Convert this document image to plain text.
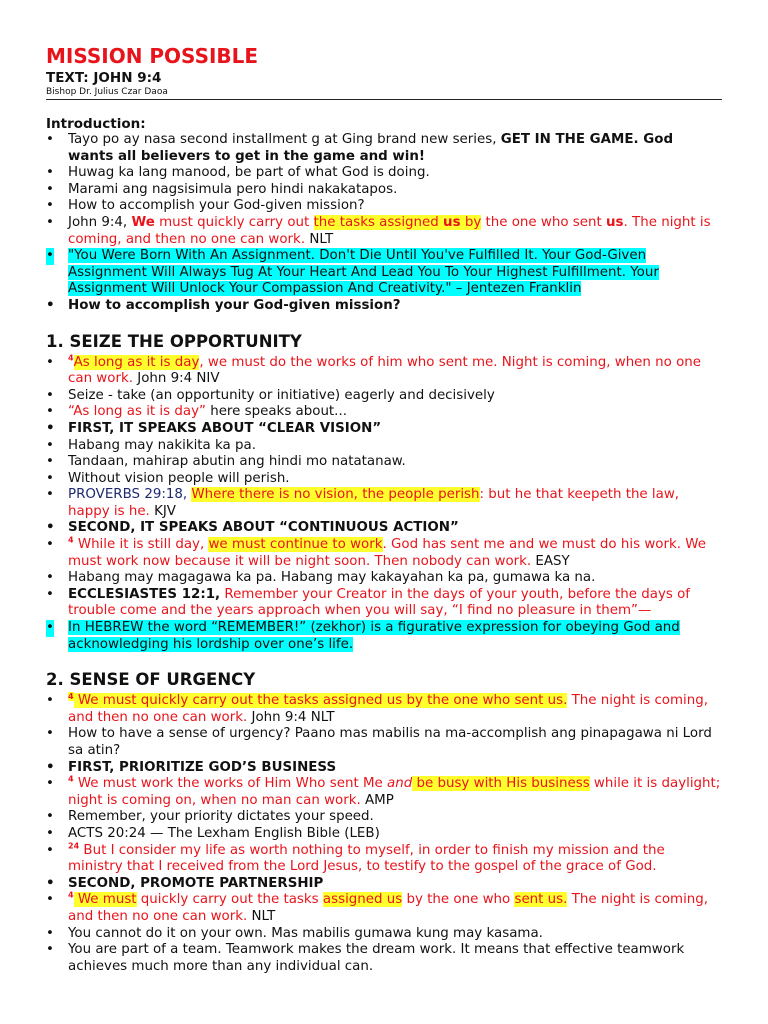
MISSION POSSIBLE
TEXT: JOHN 9:4
Bishop Dr. Julius Czar Daoa
Introduction:
• Tayo po ay nasa second installment g at Ging brand new series, GET IN THE GAME. God wants all believers to get in the game and win!
• Huwag ka lang manood, be part of what God is doing.
• Marami ang nagsisimula pero hindi nakakatapos.
• How to accomplish your God-given mission?
• John 9:4, We must quickly carry out the tasks assigned us by the one who sent us. The night is coming, and then no one can work. NLT
• "You Were Born With An Assignment. Don't Die Until You've Fulfilled It. Your God-Given Assignment Will Always Tug At Your Heart And Lead You To Your Highest Fulfillment. Your Assignment Will Unlock Your Compassion And Creativity." – Jentezen Franklin
• How to accomplish your God-given mission?
1. SEIZE THE OPPORTUNITY
• $^4$As long as it is day, we must do the works of him who sent me. Night is coming, when no one can work. John 9:4 NIV
• Seize - take (an opportunity or initiative) eagerly and decisively
• “As long as it is day” here speaks about...
• FIRST, IT SPEAKS ABOUT “CLEAR VISION”
• Habang may nakikita ka pa.
• Tandaan, mahirap abutin ang hindi mo natatanaw.
• Without vision people will perish.
• PROVERBS 29:18, Where there is no vision, the people perish: but he that keepeth the law, happy is he. KJV
• SECOND, IT SPEAKS ABOUT “CONTINUOUS ACTION”
• $^4$ While it is still day, we must continue to work. God has sent me and we must do his work. We must work now because it will be night soon. Then nobody can work. EASY
• Habang may magagawa ka pa. Habang may kakayahan ka pa, gumawa ka na.
• ECCLESIASTES 12:1, Remember your Creator in the days of your youth, before the days of trouble come and the years approach when you will say, “I find no pleasure in them”—
• In HEBREW the word “REMEMBER!” (zekhor) is a figurative expression for obeying God and acknowledging his lordship over one’s life.
2. SENSE OF URGENCY
• $^4$ We must quickly carry out the tasks assigned us by the one who sent us. The night is coming, and then no one can work. John 9:4 NLT
• How to have a sense of urgency? Paano mas mabilis na ma-accomplish ang pinapagawa ni Lord sa atin?
• FIRST, PRIORITIZE GOD’S BUSINESS
• $^4$ We must work the works of Him Who sent Me and be busy with His business while it is daylight; night is coming on, when no man can work. AMP
• Remember, your priority dictates your speed.
• ACTS 20:24 — The Lexham English Bible (LEB)
• $^{24}$ But I consider my life as worth nothing to myself, in order to finish my mission and the ministry that I received from the Lord Jesus, to testify to the gospel of the grace of God.
• SECOND, PROMOTE PARTNERSHIP
• $^4$ We must quickly carry out the tasks assigned us by the one who sent us. The night is coming, and then no one can work. NLT
• You cannot do it on your own. Mas mabilis gumawa kung may kasama.
• You are part of a team. Teamwork makes the dream work. It means that effective teamwork achieves much more than any individual can.
